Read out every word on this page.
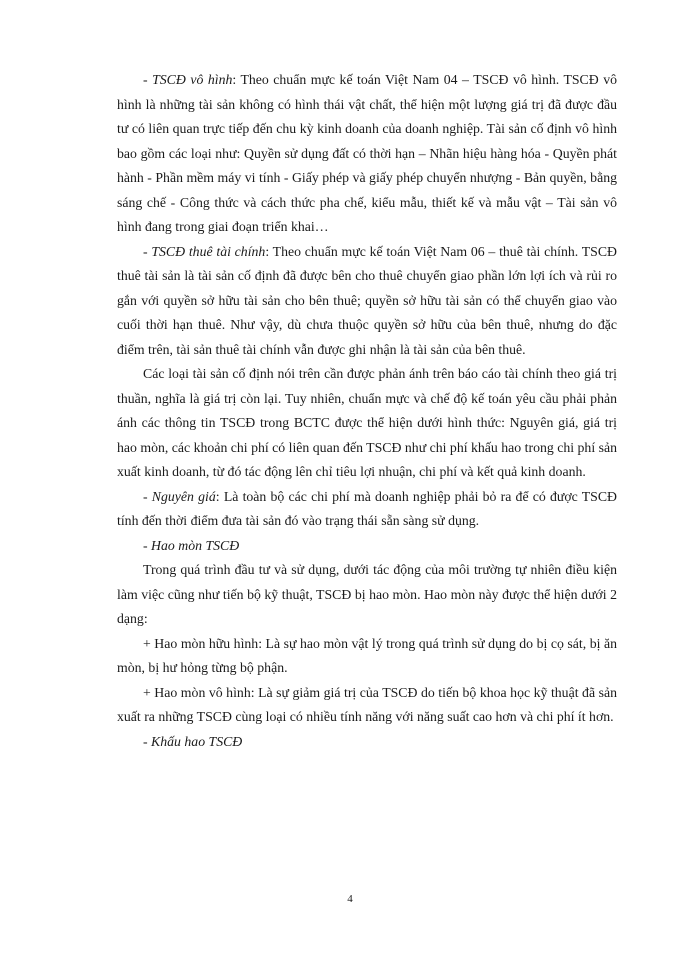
- TSCĐ vô hình: Theo chuẩn mực kế toán Việt Nam 04 – TSCĐ vô hình. TSCĐ vô hình là những tài sản không có hình thái vật chất, thể hiện một lượng giá trị đã được đầu tư có liên quan trực tiếp đến chu kỳ kinh doanh của doanh nghiệp. Tài sản cố định vô hình bao gồm các loại như: Quyền sử dụng đất có thời hạn – Nhãn hiệu hàng hóa - Quyền phát hành - Phần mềm máy vi tính - Giấy phép và giấy phép chuyển nhượng - Bản quyền, bằng sáng chế - Công thức và cách thức pha chế, kiểu mẫu, thiết kế và mẫu vật – Tài sản vô hình đang trong giai đoạn triển khai…

- TSCĐ thuê tài chính: Theo chuẩn mực kế toán Việt Nam 06 – thuê tài chính. TSCĐ thuê tài sản là tài sản cố định đã được bên cho thuê chuyển giao phần lớn lợi ích và rủi ro gắn với quyền sở hữu tài sản cho bên thuê; quyền sở hữu tài sản có thể chuyển giao vào cuối thời hạn thuê. Như vậy, dù chưa thuộc quyền sở hữu của bên thuê, nhưng do đặc điểm trên, tài sản thuê tài chính vẫn được ghi nhận là tài sản của bên thuê.

Các loại tài sản cố định nói trên cần được phản ánh trên báo cáo tài chính theo giá trị thuần, nghĩa là giá trị còn lại. Tuy nhiên, chuẩn mực và chế độ kế toán yêu cầu phải phản ánh các thông tin TSCĐ trong BCTC được thể hiện dưới hình thức: Nguyên giá, giá trị hao mòn, các khoản chi phí có liên quan đến TSCĐ như chi phí khấu hao trong chi phí sản xuất kinh doanh, từ đó tác động lên chỉ tiêu lợi nhuận, chi phí và kết quả kinh doanh.

- Nguyên giá: Là toàn bộ các chi phí mà doanh nghiệp phải bỏ ra để có được TSCĐ tính đến thời điểm đưa tài sản đó vào trạng thái sẵn sàng sử dụng.

- Hao mòn TSCĐ

Trong quá trình đầu tư và sử dụng, dưới tác động của môi trường tự nhiên điều kiện làm việc cũng như tiến bộ kỹ thuật, TSCĐ bị hao mòn. Hao mòn này được thể hiện dưới 2 dạng:

+ Hao mòn hữu hình: Là sự hao mòn vật lý trong quá trình sử dụng do bị cọ sát, bị ăn mòn, bị hư hỏng từng bộ phận.

+ Hao mòn vô hình: Là sự giảm giá trị của TSCĐ do tiến bộ khoa học kỹ thuật đã sản xuất ra những TSCĐ cùng loại có nhiều tính năng với năng suất cao hơn và chi phí ít hơn.

- Khấu hao TSCĐ

4
